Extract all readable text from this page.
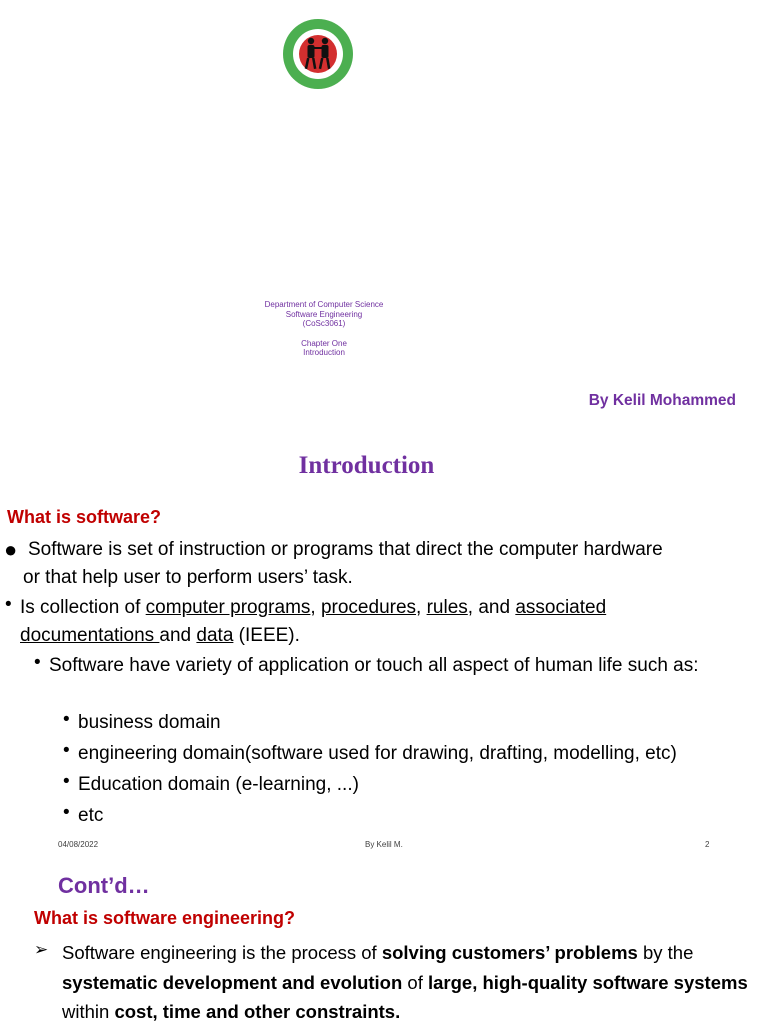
Department of Computer Science
Software Engineering
(CoSc3061)
Chapter One
Introduction
By Kelil Mohammed
Introduction
What is software?
● Software is set of instruction or programs that direct the computer hardware
or that help user to perform users’ task.
• Is collection of computer programs, procedures, rules, and associated
documentations and data (IEEE).
• Software have variety of application or touch all aspect of human life such as:
• business domain
• engineering domain(software used for drawing, drafting, modelling, etc)
• Education domain (e-learning, ...)
• etc
04/08/2022	By Kelil M.	2
Cont’d…
What is software engineering?
➢ Software engineering is the process of solving customers’ problems by the systematic development and evolution of large, high-quality software systems within cost, time and other constraints.
